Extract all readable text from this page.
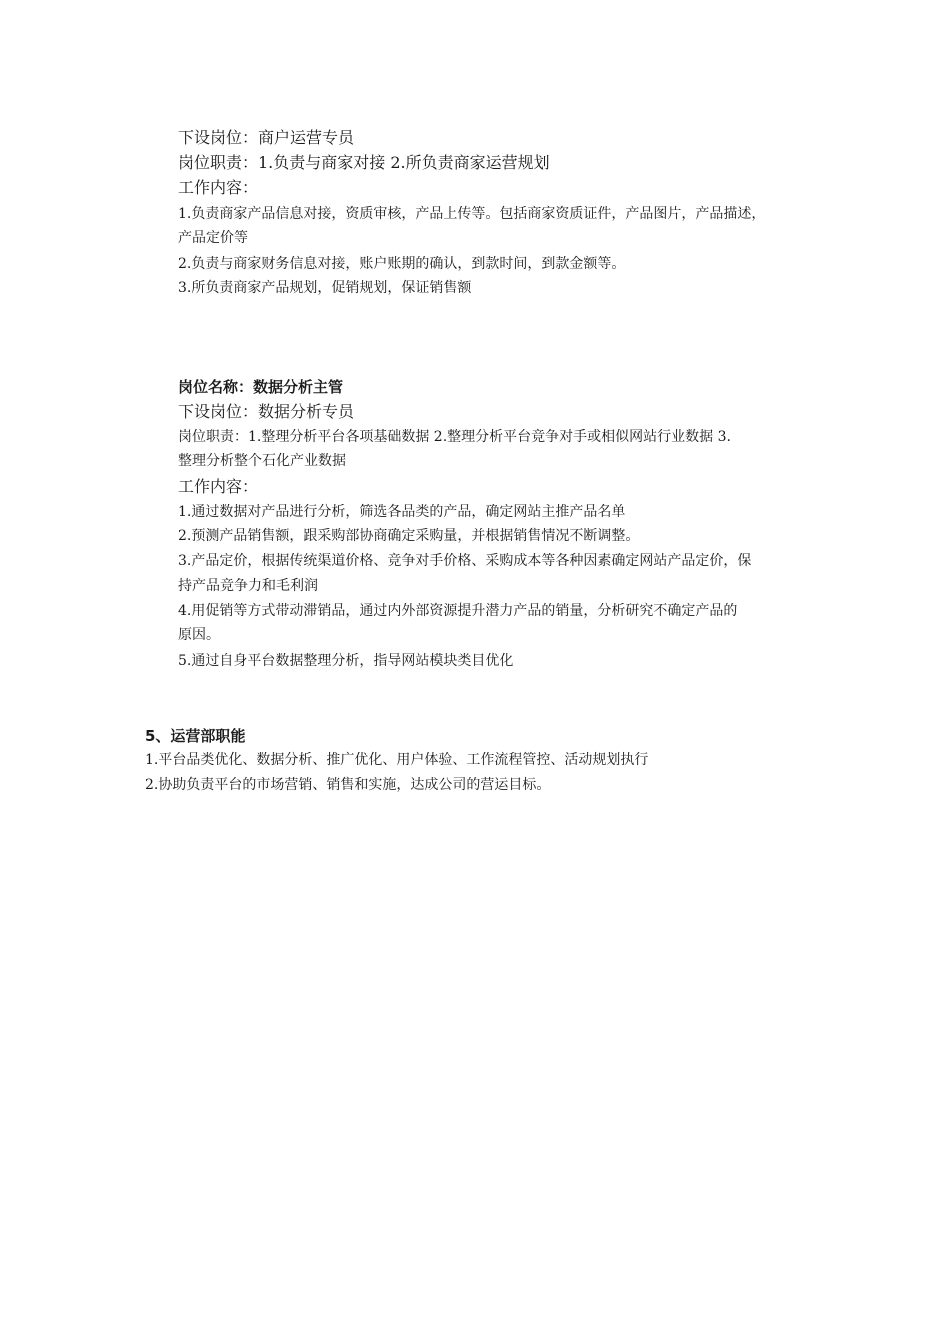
下设岗位：商户运营专员
岗位职责：1.负责与商家对接 2.所负责商家运营规划
工作内容：
1.负责商家产品信息对接，资质审核，产品上传等。包括商家资质证件，产品图片，产品描述，
产品定价等
2.负责与商家财务信息对接，账户账期的确认，到款时间，到款金额等。
3.所负责商家产品规划，促销规划，保证销售额
岗位名称：数据分析主管
下设岗位：数据分析专员
岗位职责：1.整理分析平台各项基础数据 2.整理分析平台竞争对手或相似网站行业数据 3.
整理分析整个石化产业数据
工作内容：
1.通过数据对产品进行分析，筛选各品类的产品，确定网站主推产品名单
2.预测产品销售额，跟采购部协商确定采购量，并根据销售情况不断调整。
3.产品定价，根据传统渠道价格、竞争对手价格、采购成本等各种因素确定网站产品定价，保
持产品竞争力和毛利润
4.用促销等方式带动滞销品，通过内外部资源提升潜力产品的销量，分析研究不确定产品的
原因。
5.通过自身平台数据整理分析，指导网站模块类目优化
5、运营部职能
1.平台品类优化、数据分析、推广优化、用户体验、工作流程管控、活动规划执行
2.协助负责平台的市场营销、销售和实施，达成公司的营运目标。
